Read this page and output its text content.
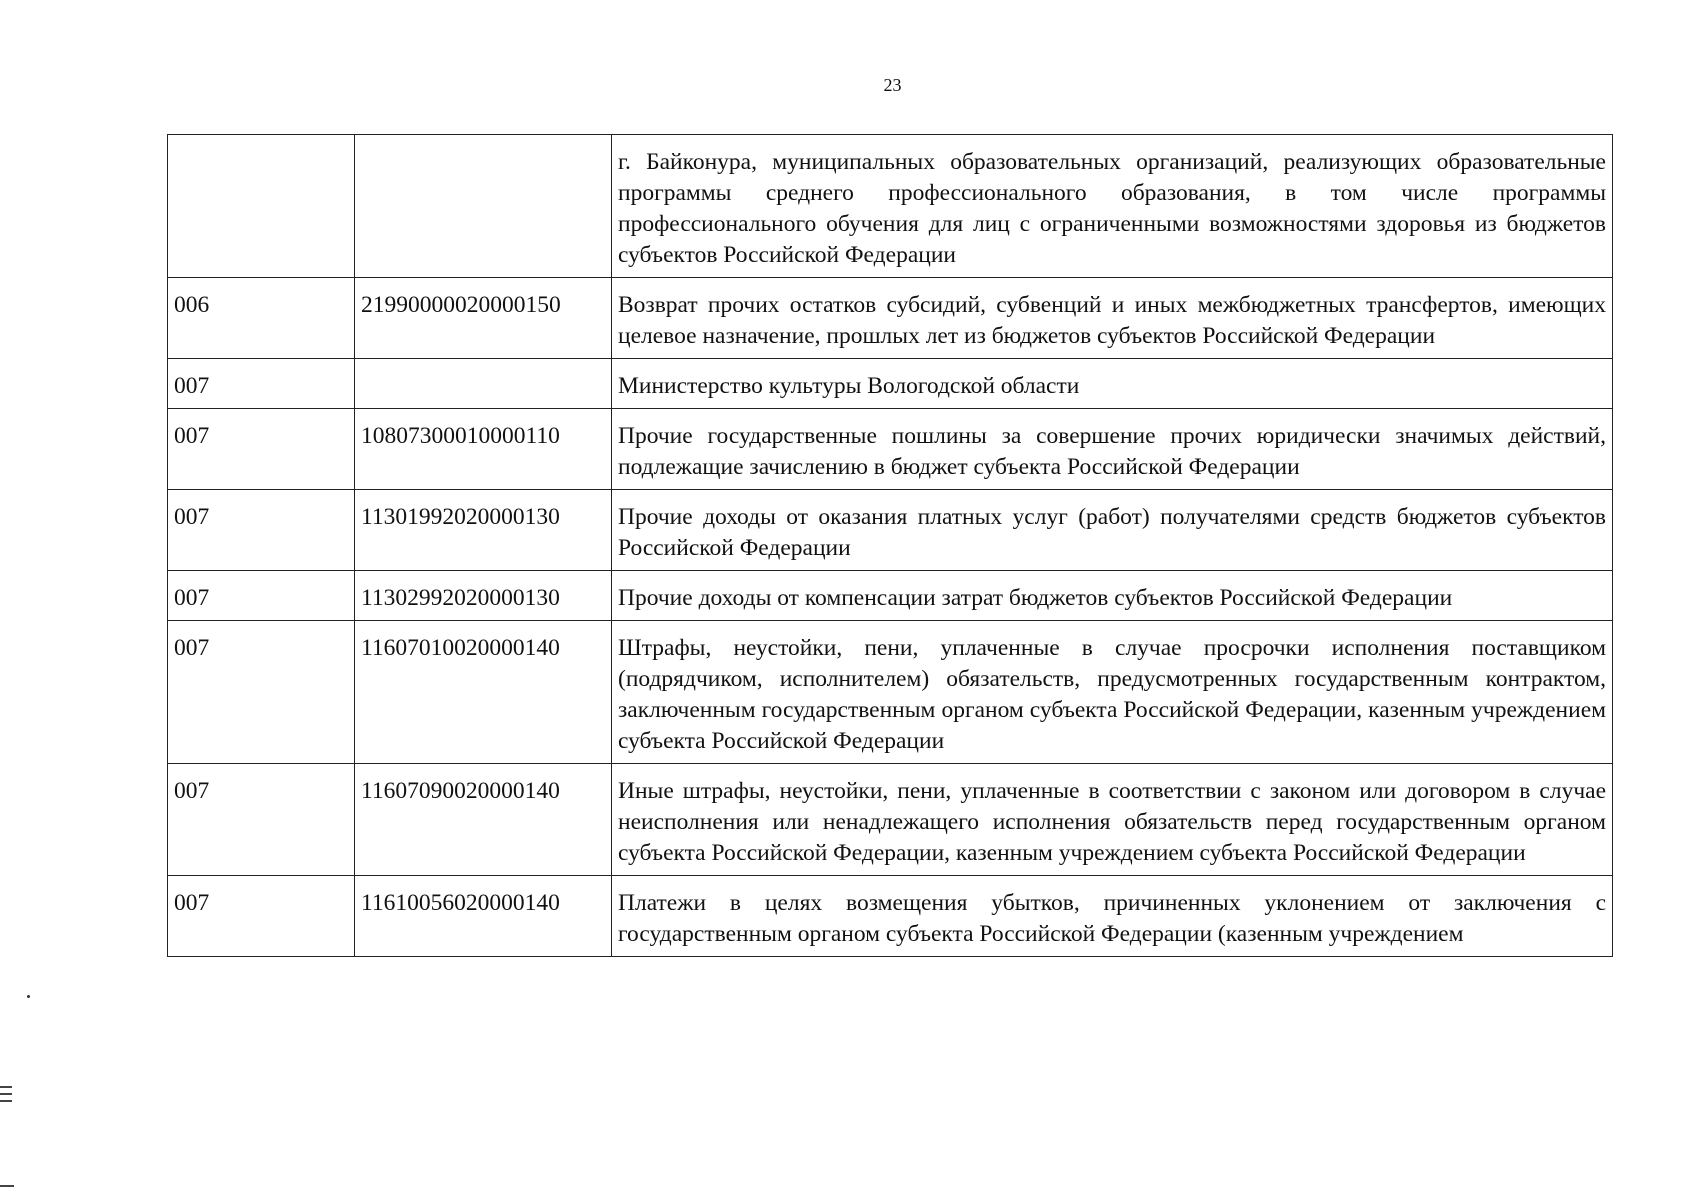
23
		г. Байконура, муниципальных образовательных организаций, реализующих образовательные программы среднего профессионального образования, в том числе программы профессионального обучения для лиц с ограниченными возможностями здоровья из бюджетов субъектов Российской Федерации
006	21990000020000150	Возврат прочих остатков субсидий, субвенций и иных межбюджетных трансфертов, имеющих целевое назначение, прошлых лет из бюджетов субъектов Российской Федерации
007		Министерство культуры Вологодской области
007	10807300010000110	Прочие государственные пошлины за совершение прочих юридически значимых действий, подлежащие зачислению в бюджет субъекта Российской Федерации
007	11301992020000130	Прочие доходы от оказания платных услуг (работ) получателями средств бюджетов субъектов Российской Федерации
007	11302992020000130	Прочие доходы от компенсации затрат бюджетов субъектов Российской Федерации
007	11607010020000140	Штрафы, неустойки, пени, уплаченные в случае просрочки исполнения поставщиком (подрядчиком, исполнителем) обязательств, предусмотренных государственным контрактом, заключенным государственным органом субъекта Российской Федерации, казенным учреждением субъекта Российской Федерации
007	11607090020000140	Иные штрафы, неустойки, пени, уплаченные в соответствии с законом или договором в случае неисполнения или ненадлежащего исполнения обязательств перед государственным органом субъекта Российской Федерации, казенным учреждением субъекта Российской Федерации
007	11610056020000140	Платежи в целях возмещения убытков, причиненных уклонением от заключения с государственным органом субъекта Российской Федерации (казенным учреждением
